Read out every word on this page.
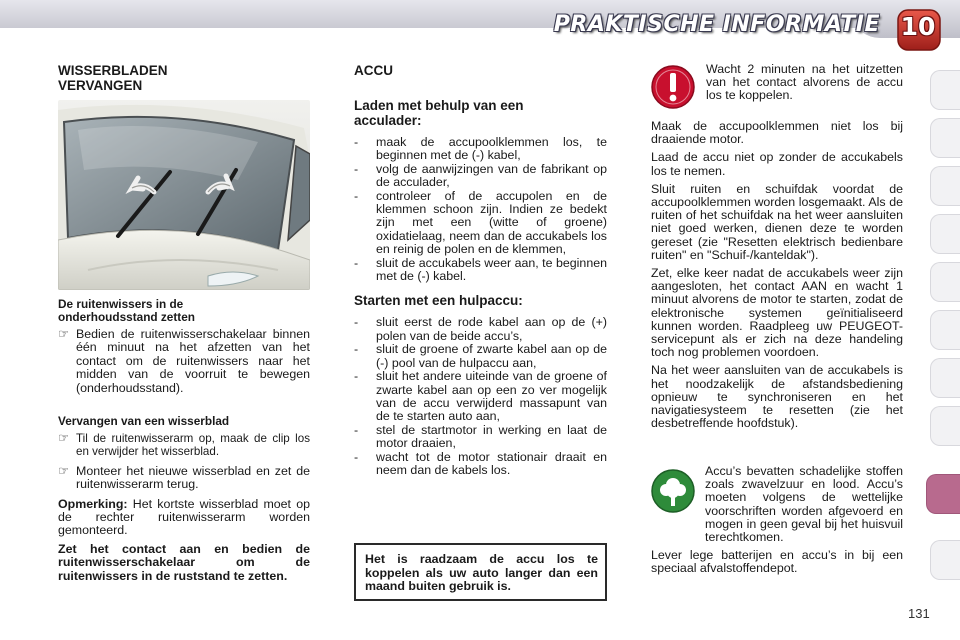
PRAKTISCHE INFORMATIE 10
WISSERBLADEN
VERVANGEN
De ruitenwissers in de
onderhoudsstand zetten
☞ Bedien de ruitenwisserschakelaar binnen één minuut na het afzetten van het contact om de ruitenwissers naar het midden van de voorruit te bewegen (onderhoudsstand).
Vervangen van een wisserblad
☞ Til de ruitenwisserarm op, maak de clip los en verwijder het wisserblad.
☞ Monteer het nieuwe wisserblad en zet de ruitenwisserarm terug.
Opmerking: Het kortste wisserblad moet op de rechter ruitenwisserarm worden gemonteerd.
Zet het contact aan en bedien de ruitenwisserschakelaar om de ruitenwissers in de ruststand te zetten.
ACCU
Laden met behulp van een
acculader:
-	maak de accupoolklemmen los, te beginnen met de (-) kabel,
-	volg de aanwijzingen van de fabrikant op de acculader,
-	controleer of de accupolen en de klemmen schoon zijn. Indien ze bedekt zijn met een (witte of groene) oxidatielaag, neem dan de accukabels los en reinig de polen en de klemmen,
-	sluit de accukabels weer aan, te beginnen met de (-) kabel.
Starten met een hulpaccu:
-	sluit eerst de rode kabel aan op de (+) polen van de beide accu’s,
-	sluit de groene of zwarte kabel aan op de (-) pool van de hulpaccu aan,
-	sluit het andere uiteinde van de groene of zwarte kabel aan op een zo ver mogelijk van de accu verwijderd massapunt van de te starten auto aan,
-	stel de startmotor in werking en laat de motor draaien,
-	wacht tot de motor stationair draait en neem dan de kabels los.
Het is raadzaam de accu los te koppelen als uw auto langer dan een maand buiten gebruik is.
Wacht 2 minuten na het uitzetten van het contact alvorens de accu los te koppelen.
Maak de accupoolklemmen niet los bij draaiende motor.
Laad de accu niet op zonder de accukabels los te nemen.
Sluit ruiten en schuifdak voordat de accupoolklemmen worden losgemaakt. Als de ruiten of het schuifdak na het weer aansluiten niet goed werken, dienen deze te worden gereset (zie "Resetten elektrisch bedienbare ruiten" en "Schuif-/kanteldak").
Zet, elke keer nadat de accukabels weer zijn aangesloten, het contact AAN en wacht 1 minuut alvorens de motor te starten, zodat de elektronische systemen geïnitialiseerd kunnen worden. Raadpleeg uw PEUGEOT-servicepunt als er zich na deze handeling toch nog problemen voordoen.
Na het weer aansluiten van de accukabels is het noodzakelijk de afstandsbediening opnieuw te synchroniseren en het navigatiesysteem te resetten (zie het desbetreffende hoofdstuk).
Accu’s bevatten schadelijke stoffen zoals zwavelzuur en lood. Accu’s moeten volgens de wettelijke voorschriften worden afgevoerd en mogen in geen geval bij het huisvuil terechtkomen.
Lever lege batterijen en accu’s in bij een speciaal afvalstoffendepot.
131
